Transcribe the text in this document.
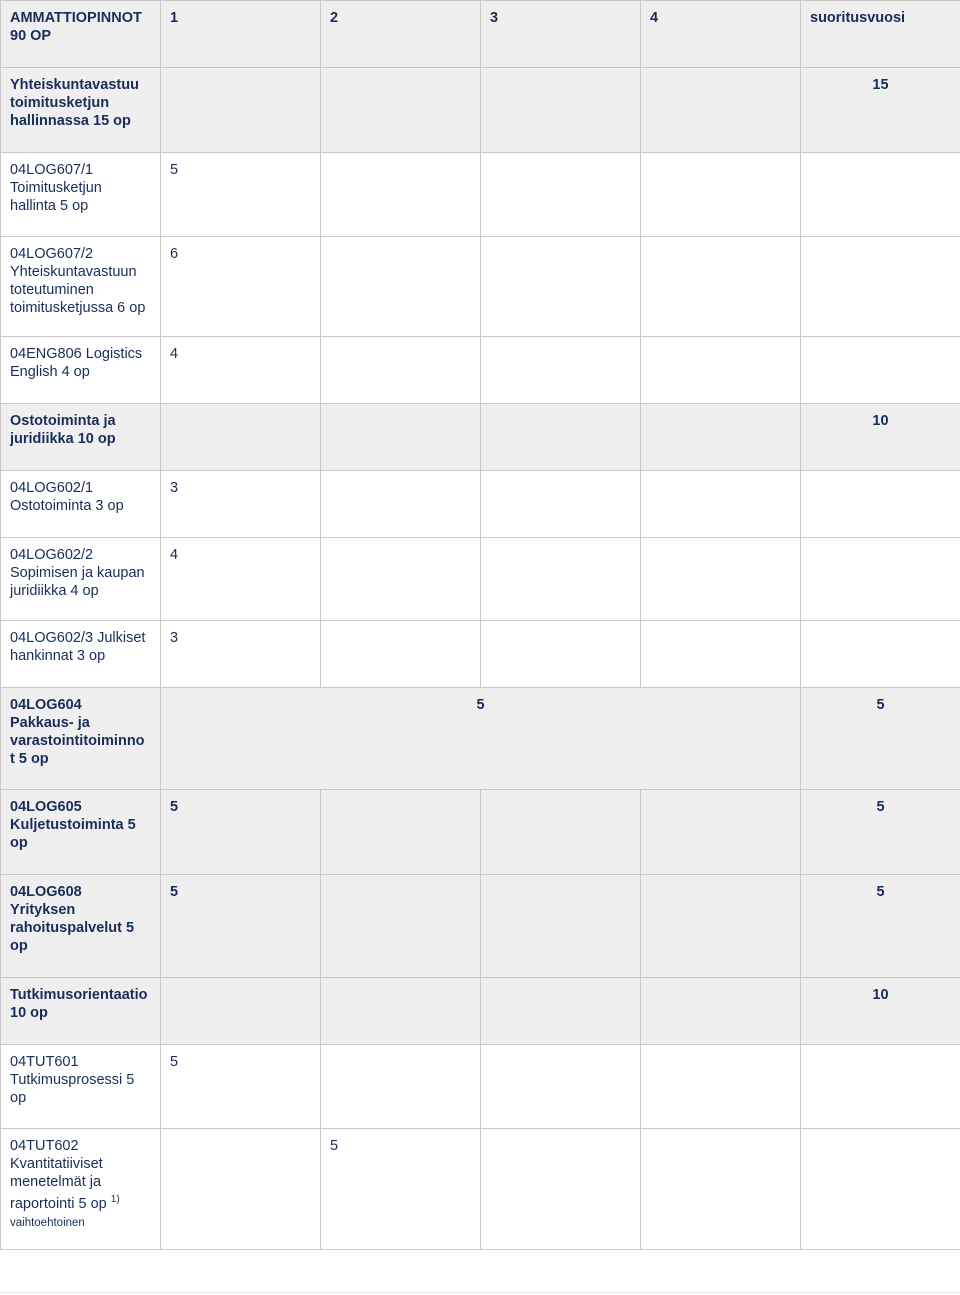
AMMATTIOPINNOT
90 OP	1	2	3	4	suoritusvuosi
Yhteiskuntavastuu toimitusketjun hallinnassa 15 op					15
04LOG607/1 Toimitusketjun hallinta 5 op	5				
04LOG607/2 Yhteiskuntavastuun toteutuminen toimitusketjussa 6 op	6				
04ENG806 Logistics English 4 op	4				
Ostotoiminta ja juridiikka 10 op					10
04LOG602/1 Ostotoiminta 3 op	3				
04LOG602/2 Sopimisen ja kaupan juridiikka 4 op	4				
04LOG602/3 Julkiset hankinnat 3 op	3				
04LOG604
Pakkaus- ja
varastointitoiminno
t 5 op	5				5
04LOG605
Kuljetustoiminta 5
op	5				5
04LOG608
Yrityksen
rahoituspalvelut 5
op	5				5
Tutkimusorientaatio 10 op					10
04TUT601 Tutkimusprosessi 5 op	5				
04TUT602
Kvantitatiiviset
menetelmät ja
raportointi 5 op $^{1)}$
vaihtoehtoinen		5			
